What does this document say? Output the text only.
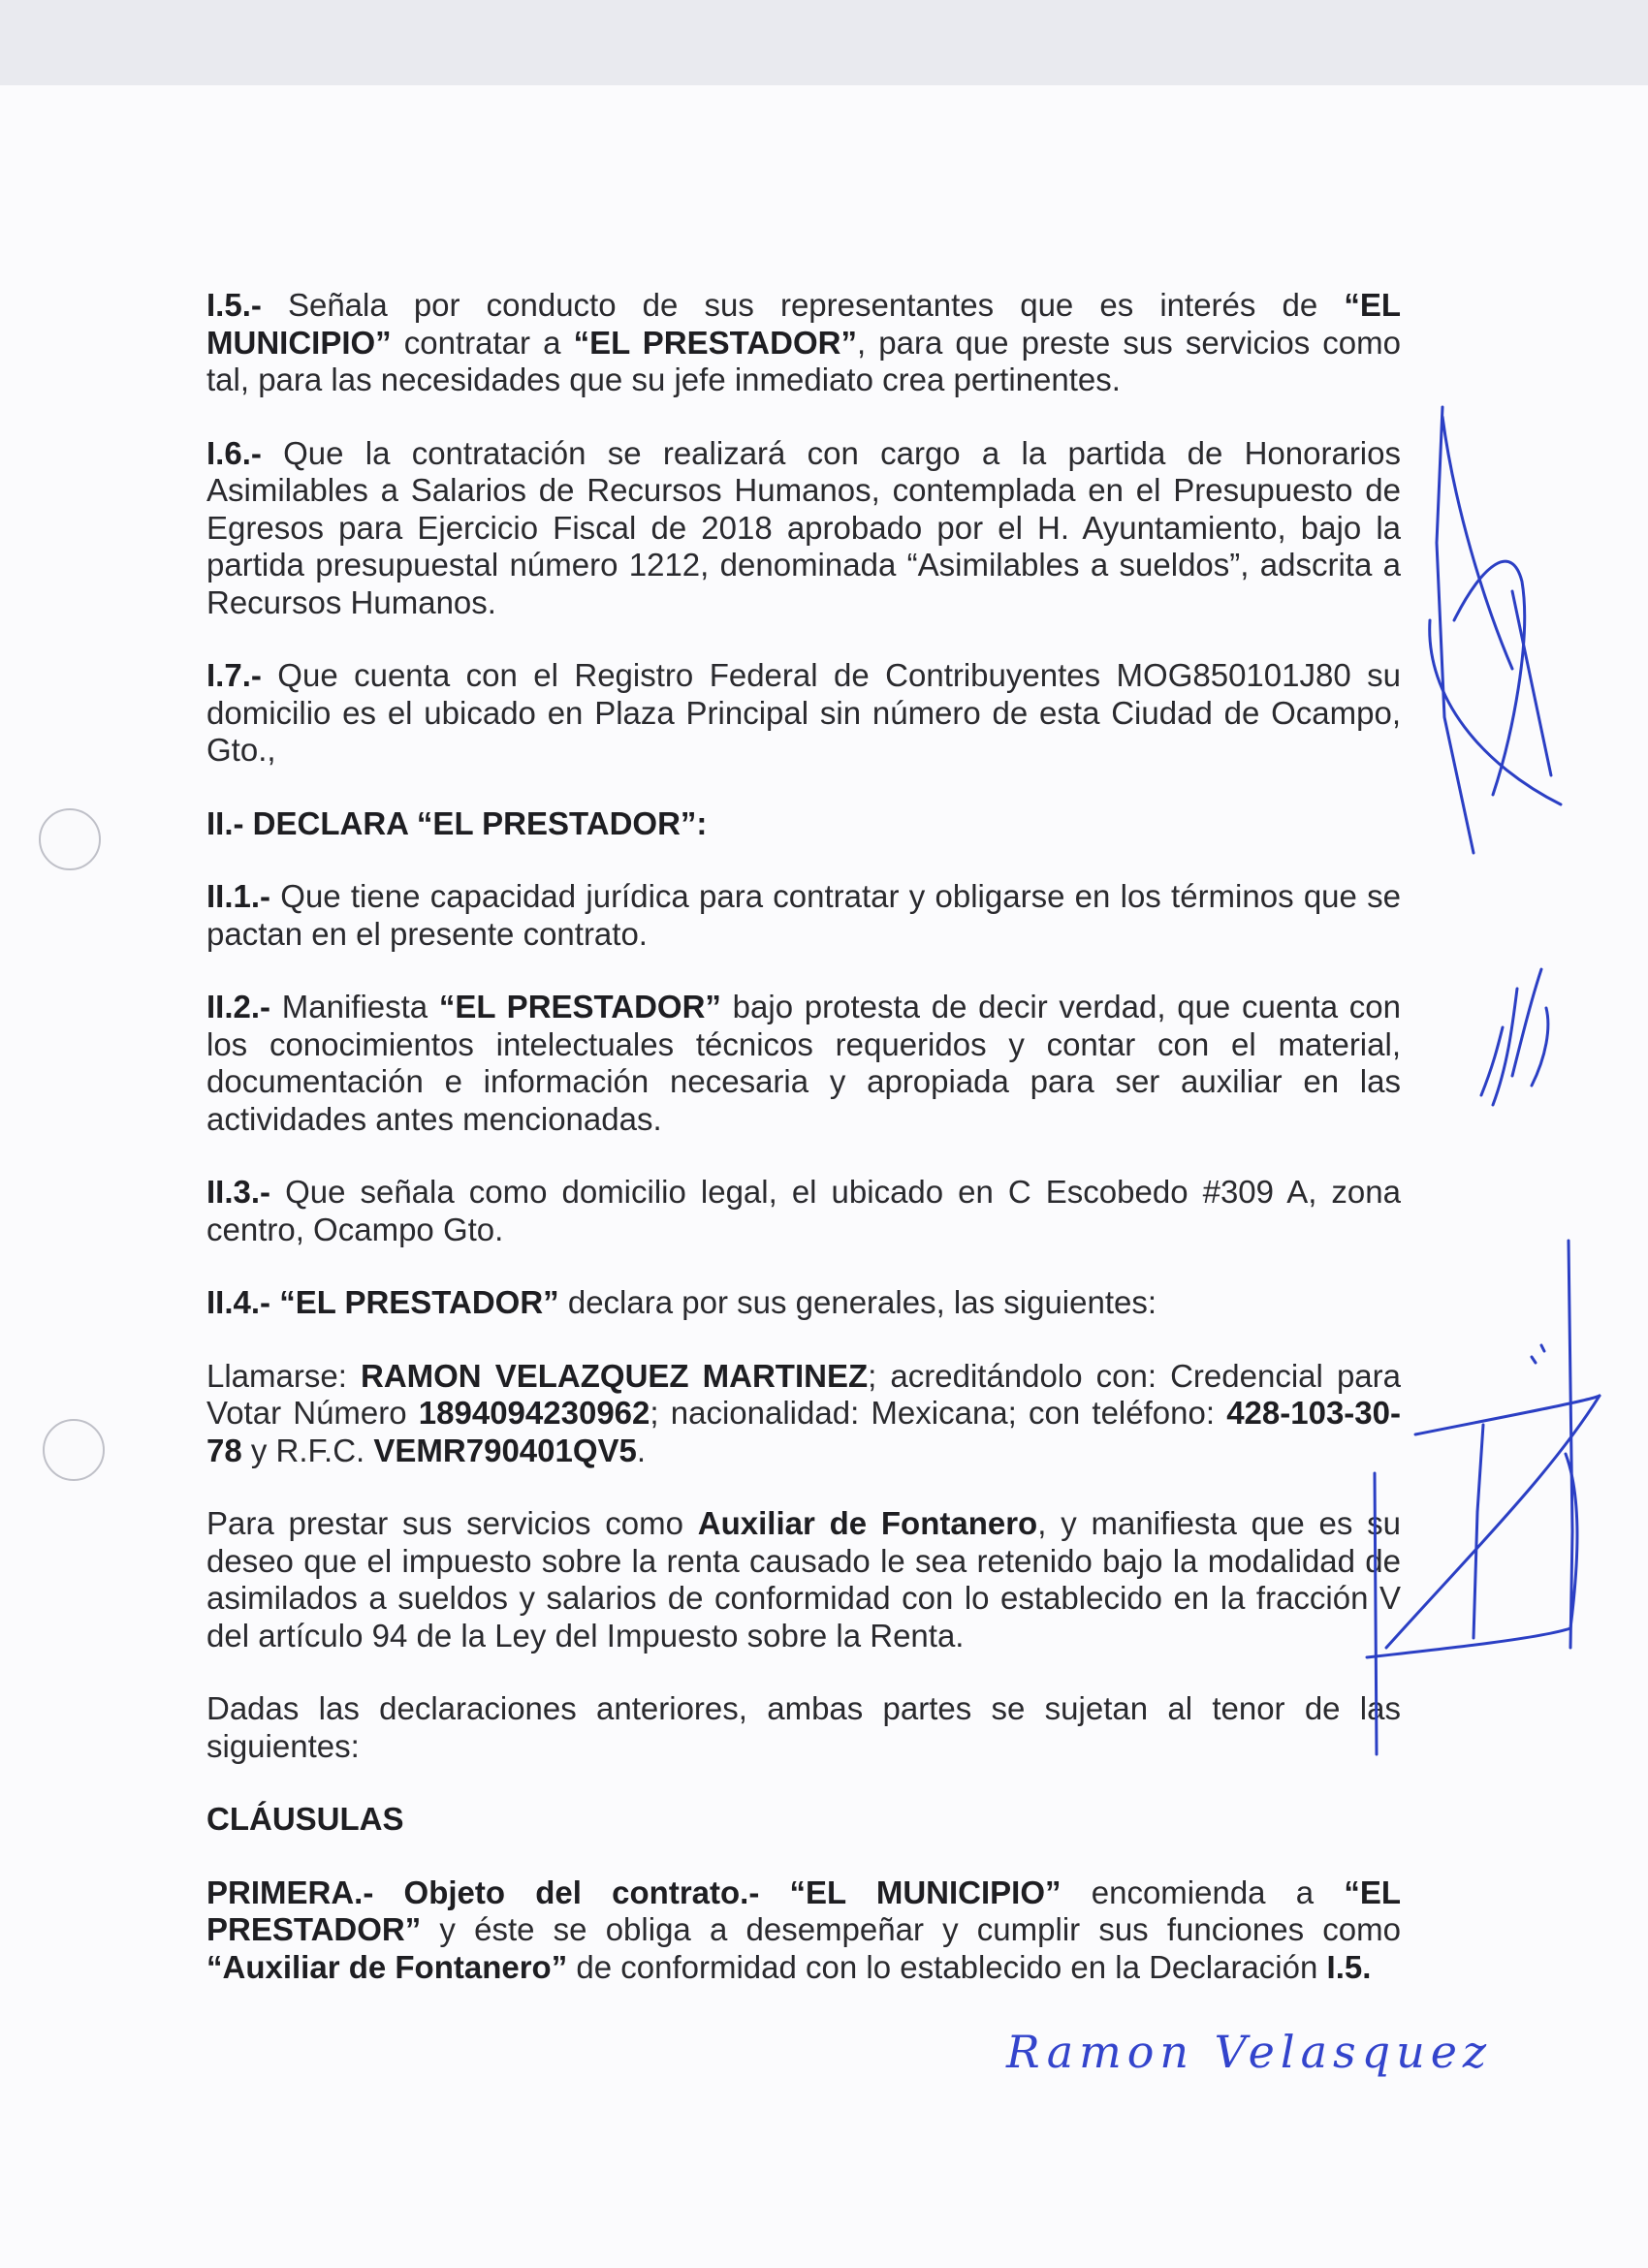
I.5.- Señala por conducto de sus representantes que es interés de “EL MUNICIPIO” contratar a “EL PRESTADOR”, para que preste sus servicios como tal, para las necesidades que su jefe inmediato crea pertinentes.

I.6.- Que la contratación se realizará con cargo a la partida de Honorarios Asimilables a Salarios de Recursos Humanos, contemplada en el Presupuesto de Egresos para Ejercicio Fiscal de 2018 aprobado por el H. Ayuntamiento, bajo la partida presupuestal número 1212, denominada “Asimilables a sueldos”, adscrita a Recursos Humanos.

I.7.- Que cuenta con el Registro Federal de Contribuyentes MOG850101J80 su domicilio es el ubicado en Plaza Principal sin número de esta Ciudad de Ocampo, Gto.,

II.- DECLARA “EL PRESTADOR”:

II.1.- Que tiene capacidad jurídica para contratar y obligarse en los términos que se pactan en el presente contrato.

II.2.- Manifiesta “EL PRESTADOR” bajo protesta de decir verdad, que cuenta con los conocimientos intelectuales técnicos requeridos y contar con el material, documentación e información necesaria y apropiada para ser auxiliar en las actividades antes mencionadas.

II.3.- Que señala como domicilio legal, el ubicado en C Escobedo #309 A, zona centro, Ocampo Gto.

II.4.- “EL PRESTADOR” declara por sus generales, las siguientes:

Llamarse: RAMON VELAZQUEZ MARTINEZ; acreditándolo con: Credencial para Votar Número 1894094230962; nacionalidad: Mexicana; con teléfono: 428-103-30-78 y R.F.C. VEMR790401QV5.

Para prestar sus servicios como Auxiliar de Fontanero, y manifiesta que es su deseo que el impuesto sobre la renta causado le sea retenido bajo la modalidad de asimilados a sueldos y salarios de conformidad con lo establecido en la fracción V del artículo 94 de la Ley del Impuesto sobre la Renta.

Dadas las declaraciones anteriores, ambas partes se sujetan al tenor de las siguientes:

CLÁUSULAS

PRIMERA.- Objeto del contrato.- “EL MUNICIPIO” encomienda a “EL PRESTADOR” y éste se obliga a desempeñar y cumplir sus funciones como “Auxiliar de Fontanero” de conformidad con lo establecido en la Declaración I.5.

Ramon Velasquez
